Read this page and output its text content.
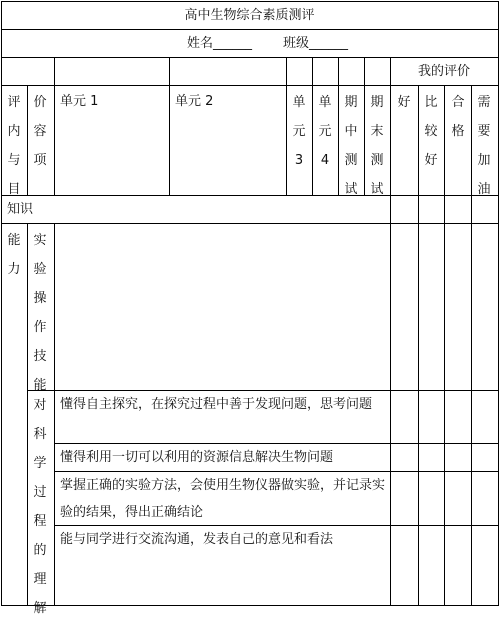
高中生物综合素质测评
姓名______ 班级______
我的评价
评内与目
价容项
单元 1	单元 2	单元3
单元4
期中测试
期末测试
好 比较好
合格
需要加油
知识
能力
实验操作技能
对科学过程的理解
懂得自主探究，在探究过程中善于发现问题，思考问题
懂得利用一切可以利用的资源信息解决生物问题
掌握正确的实验方法，会使用生物仪器做实验，并记录实验的结果，得出正确结论
能与同学进行交流沟通，发表自己的意见和看法
